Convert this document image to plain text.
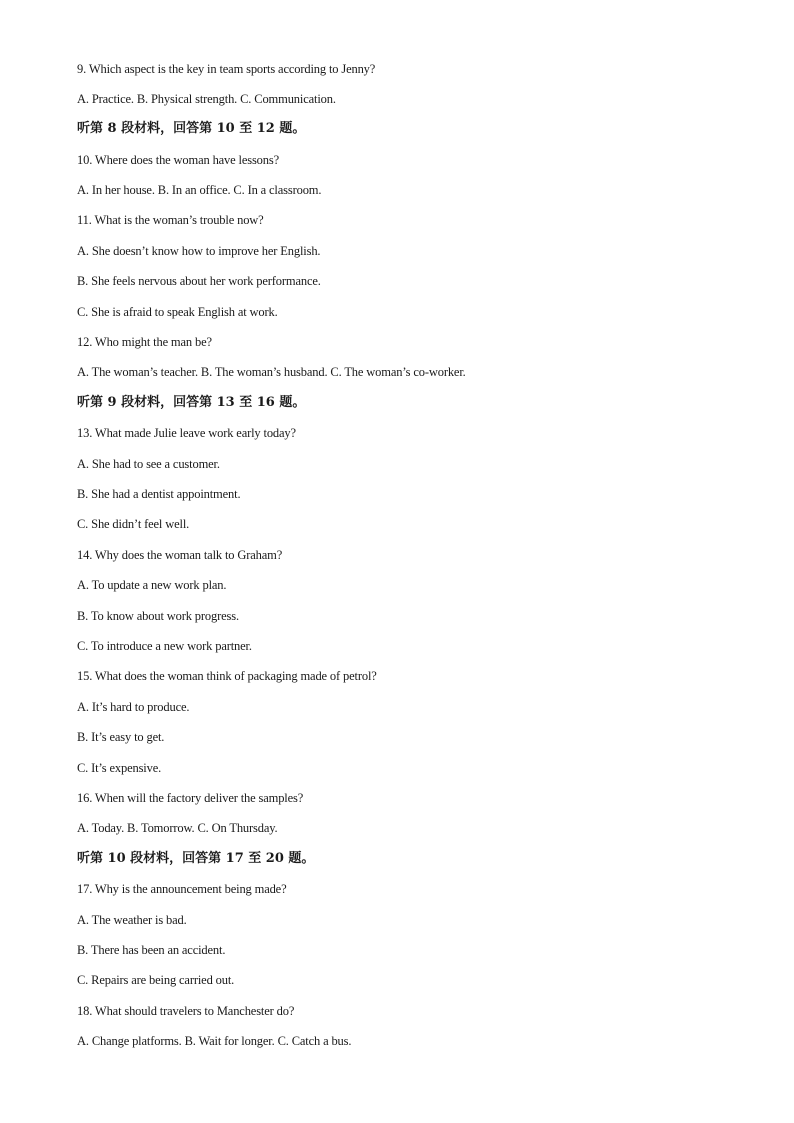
9. Which aspect is the key in team sports according to Jenny?
A. Practice. B. Physical strength. C. Communication.
听第 8 段材料，回答第 10 至 12 题。
10. Where does the woman have lessons?
A. In her house. B. In an office. C. In a classroom.
11. What is the woman’s trouble now?
A. She doesn’t know how to improve her English.
B. She feels nervous about her work performance.
C. She is afraid to speak English at work.
12. Who might the man be?
A. The woman’s teacher. B. The woman’s husband. C. The woman’s co-worker.
听第 9 段材料，回答第 13 至 16 题。
13. What made Julie leave work early today?
A. She had to see a customer.
B. She had a dentist appointment.
C. She didn’t feel well.
14. Why does the woman talk to Graham?
A. To update a new work plan.
B. To know about work progress.
C. To introduce a new work partner.
15. What does the woman think of packaging made of petrol?
A. It’s hard to produce.
B. It’s easy to get.
C. It’s expensive.
16. When will the factory deliver the samples?
A. Today. B. Tomorrow. C. On Thursday.
听第 10 段材料，回答第 17 至 20 题。
17. Why is the announcement being made?
A. The weather is bad.
B. There has been an accident.
C. Repairs are being carried out.
18. What should travelers to Manchester do?
A. Change platforms. B. Wait for longer. C. Catch a bus.
